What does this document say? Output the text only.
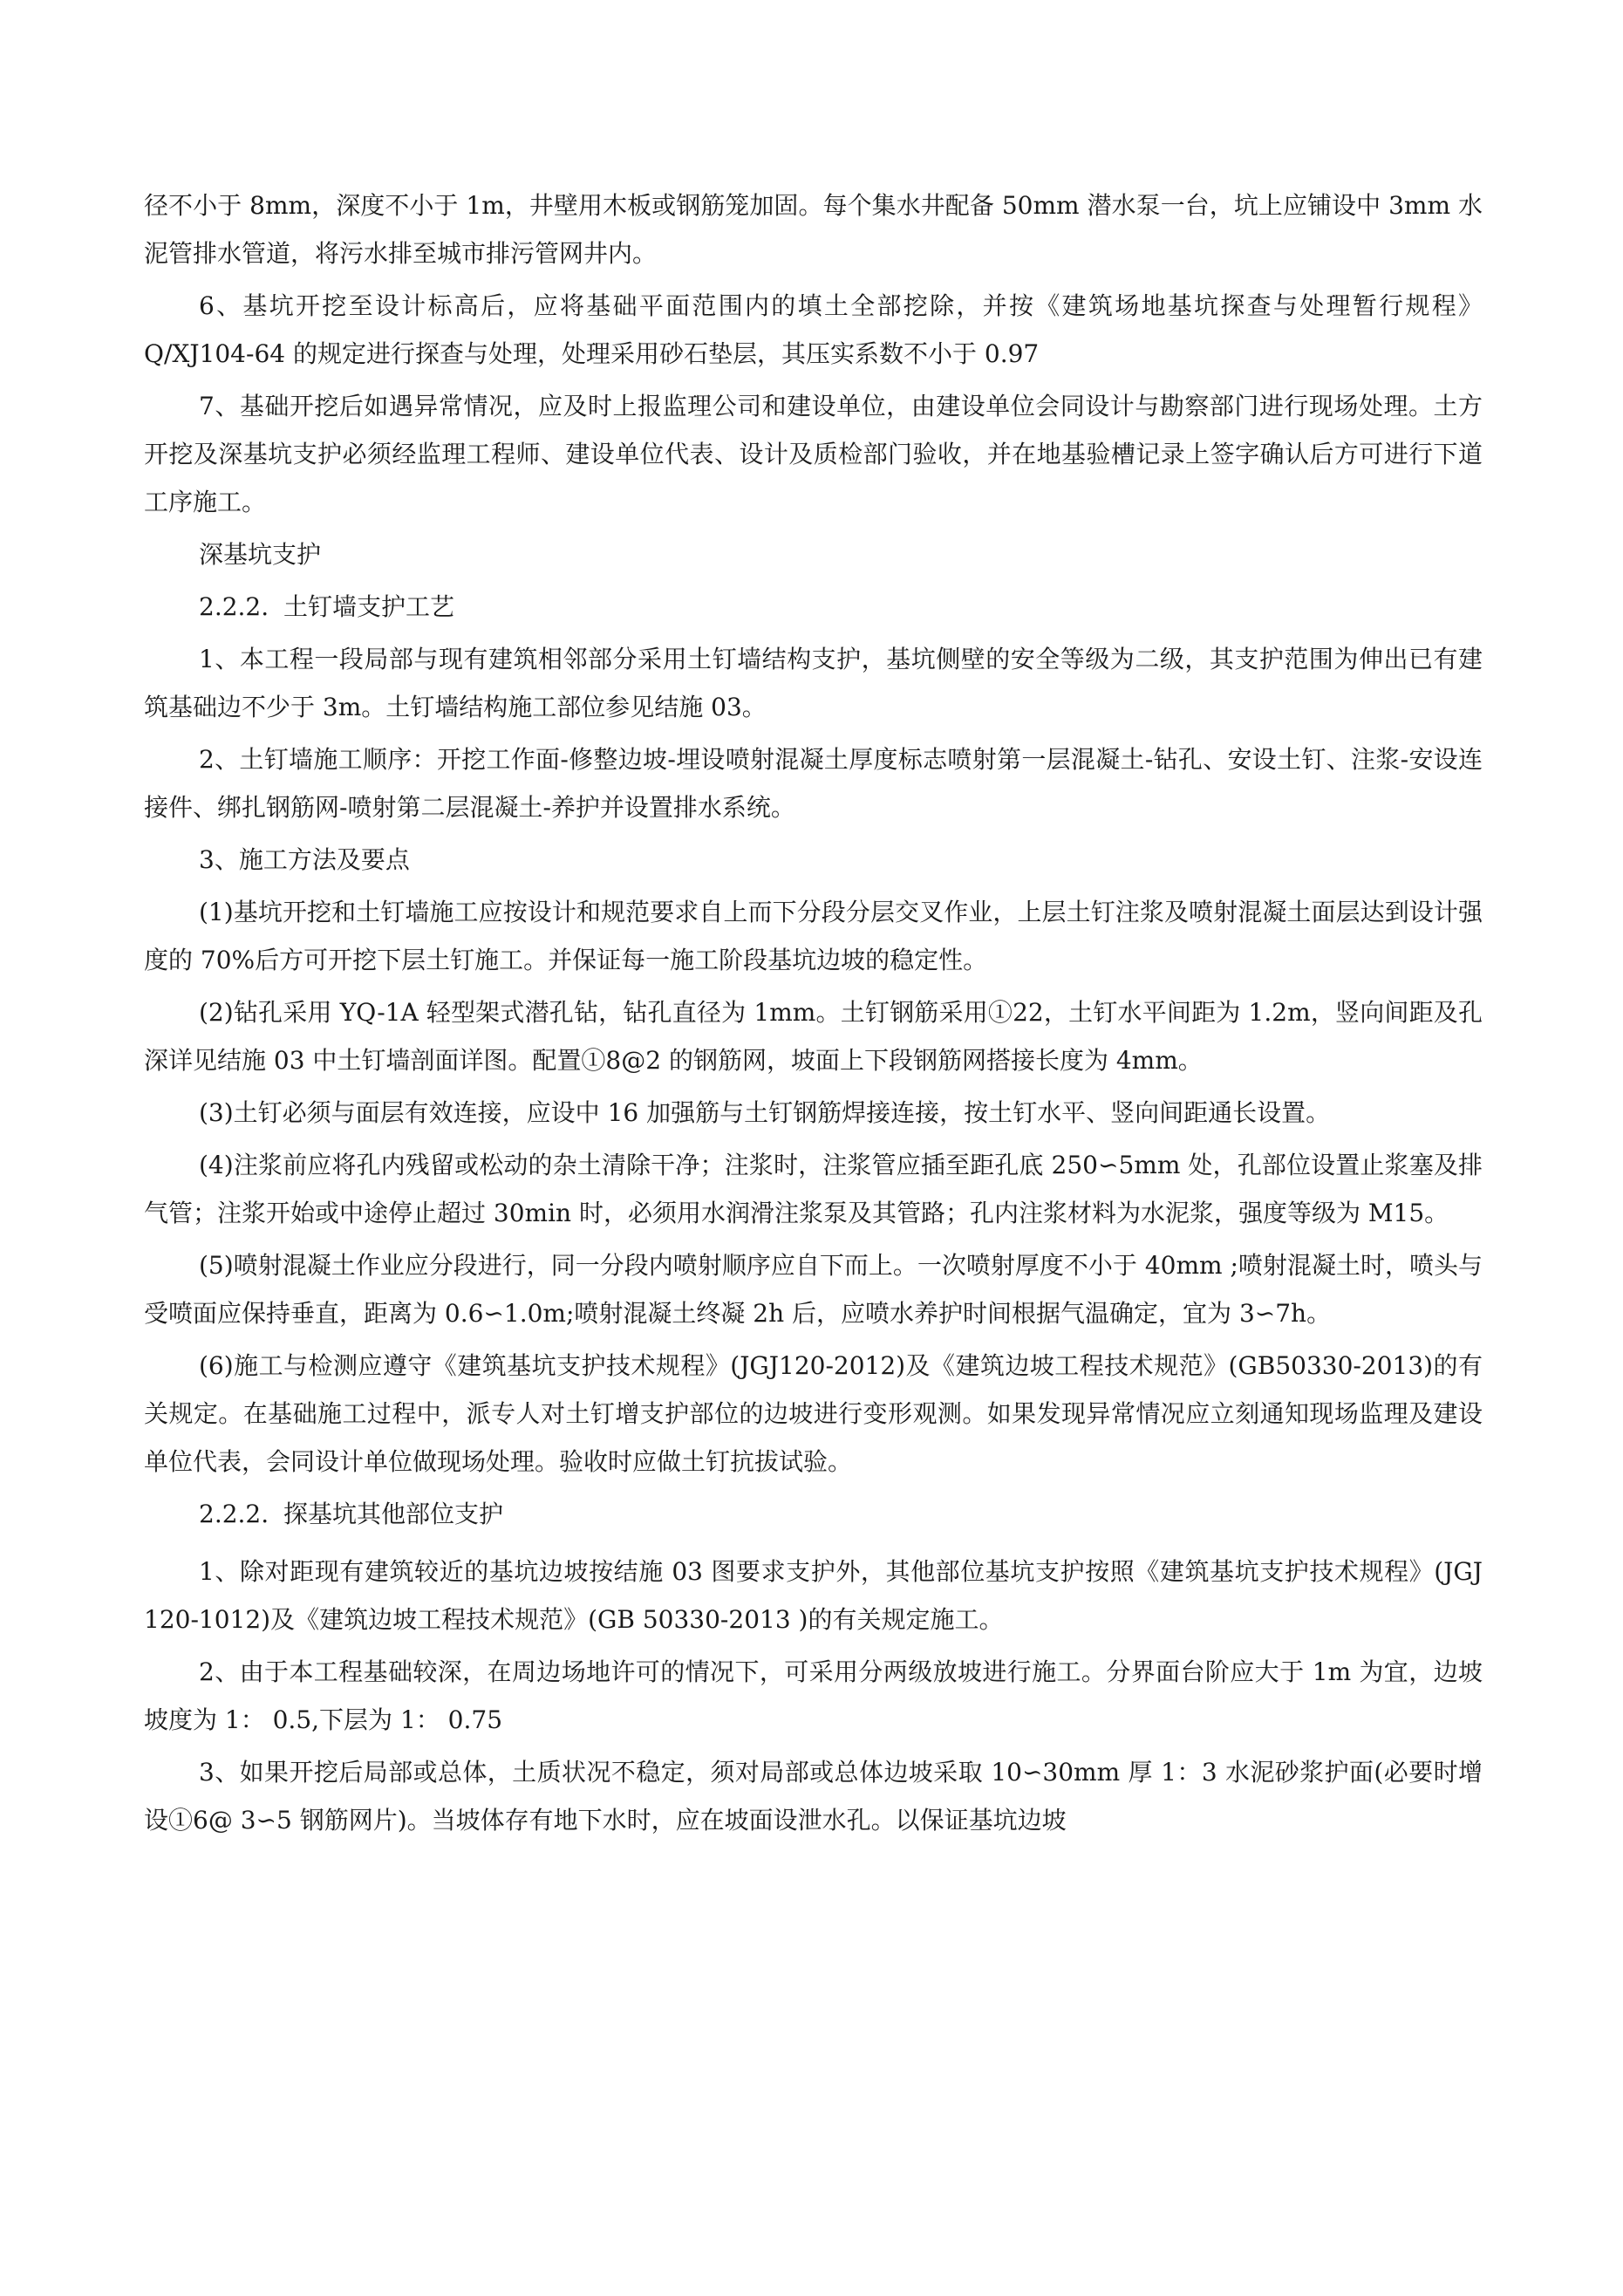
径不小于 8mm，深度不小于 1m，井壁用木板或钢筋笼加固。每个集水井配备 50mm 潜水泵一台，坑上应铺设中 3mm 水泥管排水管道，将污水排至城市排污管网井内。

6、基坑开挖至设计标高后，应将基础平面范围内的填土全部挖除，并按《建筑场地基坑探查与处理暂行规程》Q/XJ104-64 的规定进行探查与处理，处理采用砂石垫层，其压实系数不小于 0.97

7、基础开挖后如遇异常情况，应及时上报监理公司和建设单位，由建设单位会同设计与勘察部门进行现场处理。土方开挖及深基坑支护必须经监理工程师、建设单位代表、设计及质检部门验收，并在地基验槽记录上签字确认后方可进行下道工序施工。

深基坑支护

2.2.2. 土钉墙支护工艺

1、本工程一段局部与现有建筑相邻部分采用土钉墙结构支护，基坑侧壁的安全等级为二级，其支护范围为伸出已有建筑基础边不少于 3m。土钉墙结构施工部位参见结施 03。

2、土钉墙施工顺序：开挖工作面-修整边坡-埋设喷射混凝土厚度标志喷射第一层混凝土-钻孔、安设土钉、注浆-安设连接件、绑扎钢筋网-喷射第二层混凝土-养护并设置排水系统。

3、施工方法及要点

(1)基坑开挖和土钉墙施工应按设计和规范要求自上而下分段分层交叉作业，上层土钉注浆及喷射混凝土面层达到设计强度的 70%后方可开挖下层土钉施工。并保证每一施工阶段基坑边坡的稳定性。

(2)钻孔采用 YQ-1A 轻型架式潜孔钻，钻孔直径为 1mm。土钉钢筋采用①22，土钉水平间距为 1.2m，竖向间距及孔深详见结施 03 中土钉墙剖面详图。配置①8@2 的钢筋网，坡面上下段钢筋网搭接长度为 4mm。

(3)土钉必须与面层有效连接，应设中 16 加强筋与土钉钢筋焊接连接，按土钉水平、竖向间距通长设置。

(4)注浆前应将孔内残留或松动的杂土清除干净；注浆时，注浆管应插至距孔底 250∽5mm 处，孔部位设置止浆塞及排气管；注浆开始或中途停止超过 30min 时，必须用水润滑注浆泵及其管路；孔内注浆材料为水泥浆，强度等级为 M15。

(5)喷射混凝土作业应分段进行，同一分段内喷射顺序应自下而上。一次喷射厚度不小于 40mm ;喷射混凝土时，喷头与受喷面应保持垂直，距离为 0.6∽1.0m;喷射混凝土终凝 2h 后，应喷水养护时间根据气温确定，宜为 3∽7h。

(6)施工与检测应遵守《建筑基坑支护技术规程》(JGJ120-2012)及《建筑边坡工程技术规范》(GB50330-2013)的有关规定。在基础施工过程中，派专人对土钉增支护部位的边坡进行变形观测。如果发现异常情况应立刻通知现场监理及建设单位代表，会同设计单位做现场处理。验收时应做土钉抗拔试验。

2.2.2. 探基坑其他部位支护

1、除对距现有建筑较近的基坑边坡按结施 03 图要求支护外，其他部位基坑支护按照《建筑基坑支护技术规程》(JGJ 120-1012)及《建筑边坡工程技术规范》(GB 50330-2013 )的有关规定施工。

2、由于本工程基础较深，在周边场地许可的情况下，可采用分两级放坡进行施工。分界面台阶应大于 1m 为宜，边坡坡度为 1： 0.5,下层为 1： 0.75

3、如果开挖后局部或总体，土质状况不稳定，须对局部或总体边坡采取 10∽30mm 厚 1：3 水泥砂浆护面(必要时增设①6@ 3∽5 钢筋网片)。当坡体存有地下水时，应在坡面设泄水孔。以保证基坑边坡
